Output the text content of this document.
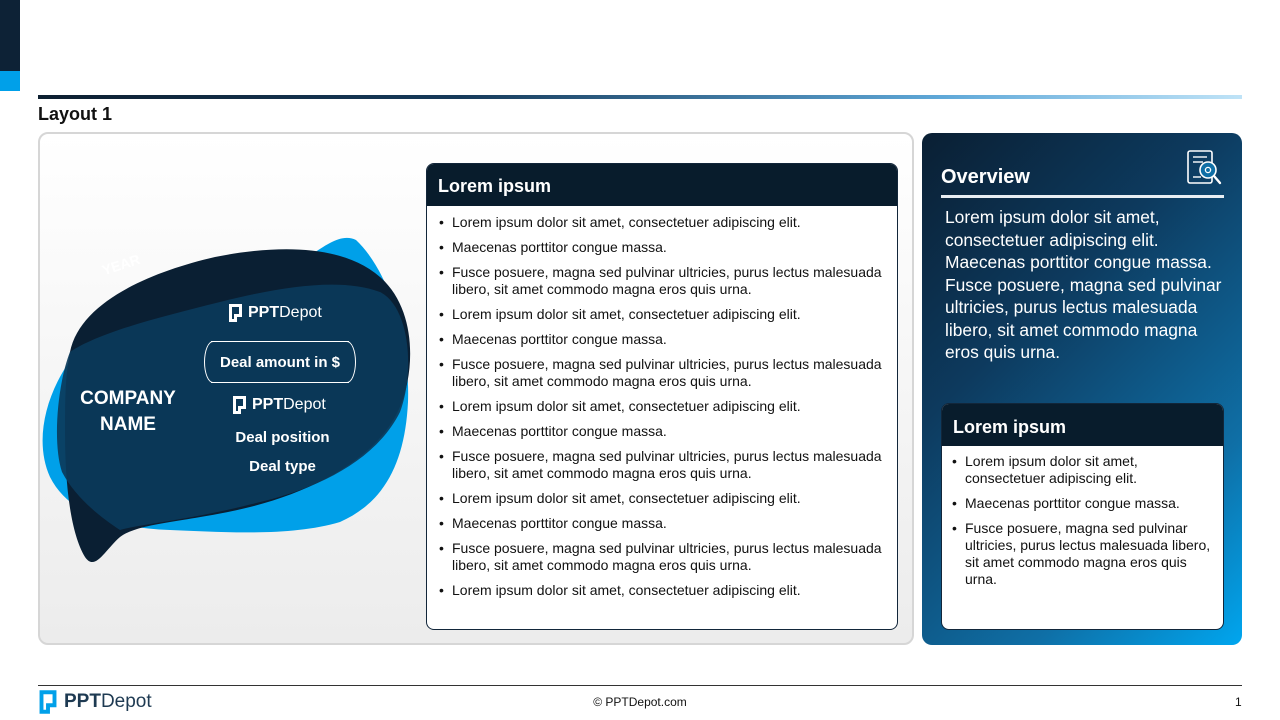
Layout 1
YEAR
COMPANY
NAME
PPT Depot
Deal amount in $
PPT Depot
Deal position
Deal type
Lorem ipsum
• Lorem ipsum dolor sit amet, consectetuer adipiscing elit.
• Maecenas porttitor congue massa.
• Fusce posuere, magna sed pulvinar ultricies, purus lectus malesuada libero, sit amet commodo magna eros quis urna.
• Lorem ipsum dolor sit amet, consectetuer adipiscing elit.
• Maecenas porttitor congue massa.
• Fusce posuere, magna sed pulvinar ultricies, purus lectus malesuada libero, sit amet commodo magna eros quis urna.
• Lorem ipsum dolor sit amet, consectetuer adipiscing elit.
• Maecenas porttitor congue massa.
• Fusce posuere, magna sed pulvinar ultricies, purus lectus malesuada libero, sit amet commodo magna eros quis urna.
• Lorem ipsum dolor sit amet, consectetuer adipiscing elit.
• Maecenas porttitor congue massa.
• Fusce posuere, magna sed pulvinar ultricies, purus lectus malesuada libero, sit amet commodo magna eros quis urna.
• Lorem ipsum dolor sit amet, consectetuer adipiscing elit.
Overview
Lorem ipsum dolor sit amet, consectetuer adipiscing elit. Maecenas porttitor congue massa. Fusce posuere, magna sed pulvinar ultricies, purus lectus malesuada libero, sit amet commodo magna eros quis urna.
Lorem ipsum
• Lorem ipsum dolor sit amet, consectetuer adipiscing elit.
• Maecenas porttitor congue massa.
• Fusce posuere, magna sed pulvinar ultricies, purus lectus malesuada libero, sit amet commodo magna eros quis urna.
PPT Depot	© PPTDepot.com	1
